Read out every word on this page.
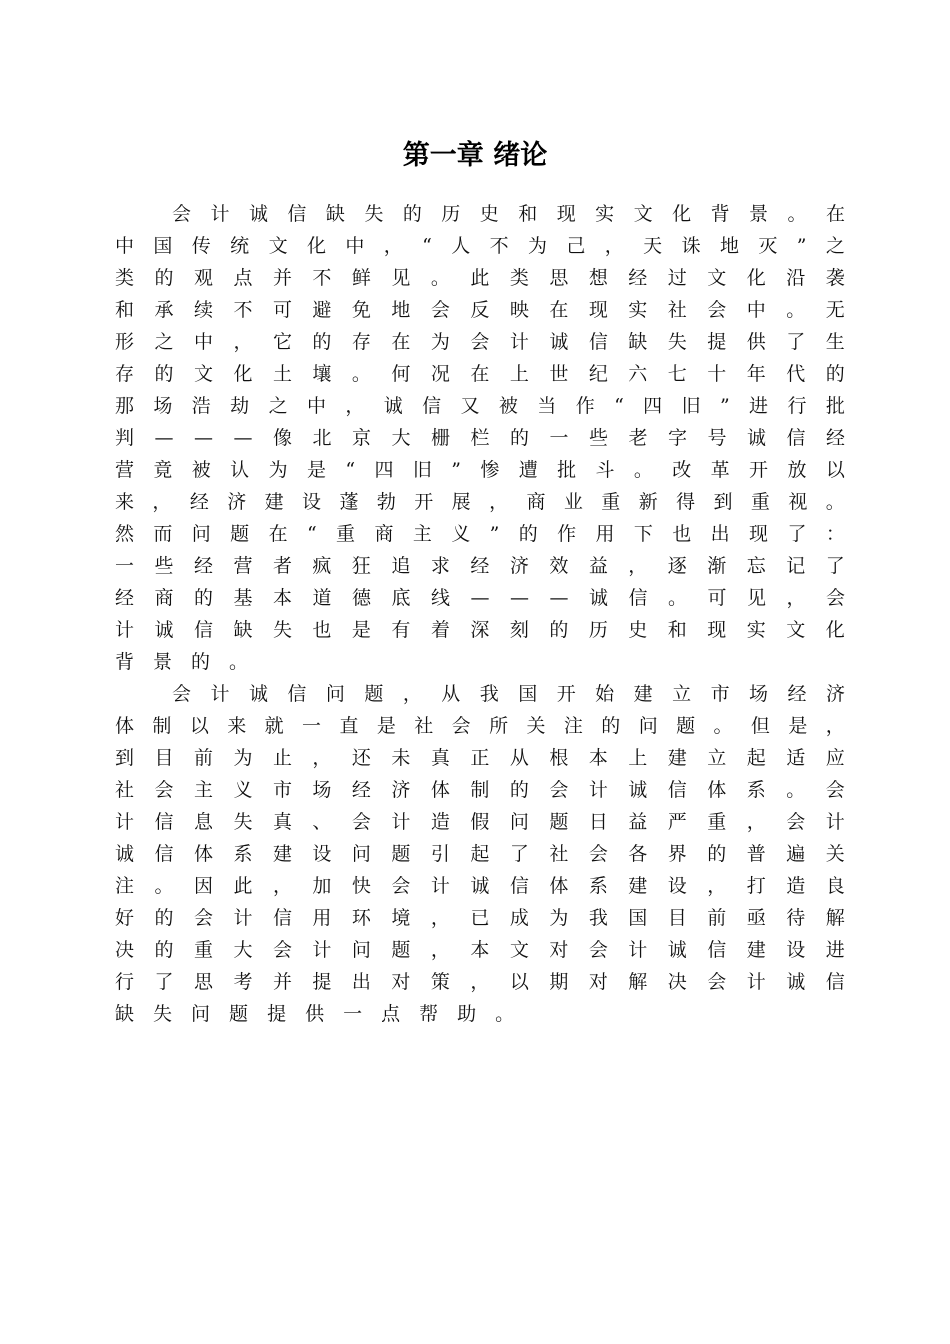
第一章 绪论
会 计 诚 信 缺 失 的 历 史 和 现 实 文 化 背 景 。 在
中 国 传 统 文 化 中 ， “ 人 不 为 己 ， 天 诛 地 灭 ” 之
类 的 观 点 并 不 鲜 见 。 此 类 思 想 经 过 文 化 沿 袭
和 承 续 不 可 避 免 地 会 反 映 在 现 实 社 会 中 。 无
形 之 中 ， 它 的 存 在 为 会 计 诚 信 缺 失 提 供 了 生
存 的 文 化 土 壤 。 何 况 在 上 世 纪 六 七 十 年 代 的
那 场 浩 劫 之 中 ， 诚 信 又 被 当 作 “ 四 旧 ” 进 行 批
判 — — — 像 北 京 大 栅 栏 的 一 些 老 字 号 诚 信 经
营 竟 被 认 为 是 “ 四 旧 ” 惨 遭 批 斗 。 改 革 开 放 以
来 ， 经 济 建 设 蓬 勃 开 展 ， 商 业 重 新 得 到 重 视 。
然 而 问 题 在 “ 重 商 主 义 ” 的 作 用 下 也 出 现 了 ：
一 些 经 营 者 疯 狂 追 求 经 济 效 益 ， 逐 渐 忘 记 了
经 商 的 基 本 道 德 底 线 — — — 诚 信 。 可 见 ， 会
计 诚 信 缺 失 也 是 有 着 深 刻 的 历 史 和 现 实 文 化
背 景 的 。
会 计 诚 信 问 题 ， 从 我 国 开 始 建 立 市 场 经 济
体 制 以 来 就 一 直 是 社 会 所 关 注 的 问 题 。 但 是 ，
到 目 前 为 止 ， 还 未 真 正 从 根 本 上 建 立 起 适 应
社 会 主 义 市 场 经 济 体 制 的 会 计 诚 信 体 系 。 会
计 信 息 失 真 、 会 计 造 假 问 题 日 益 严 重 ， 会 计
诚 信 体 系 建 设 问 题 引 起 了 社 会 各 界 的 普 遍 关
注 。 因 此 ， 加 快 会 计 诚 信 体 系 建 设 ， 打 造 良
好 的 会 计 信 用 环 境 ， 已 成 为 我 国 目 前 亟 待 解
决 的 重 大 会 计 问 题 ， 本 文 对 会 计 诚 信 建 设 进
行 了 思 考 并 提 出 对 策 ， 以 期 对 解 决 会 计 诚 信
缺 失 问 题 提 供 一 点 帮 助 。
